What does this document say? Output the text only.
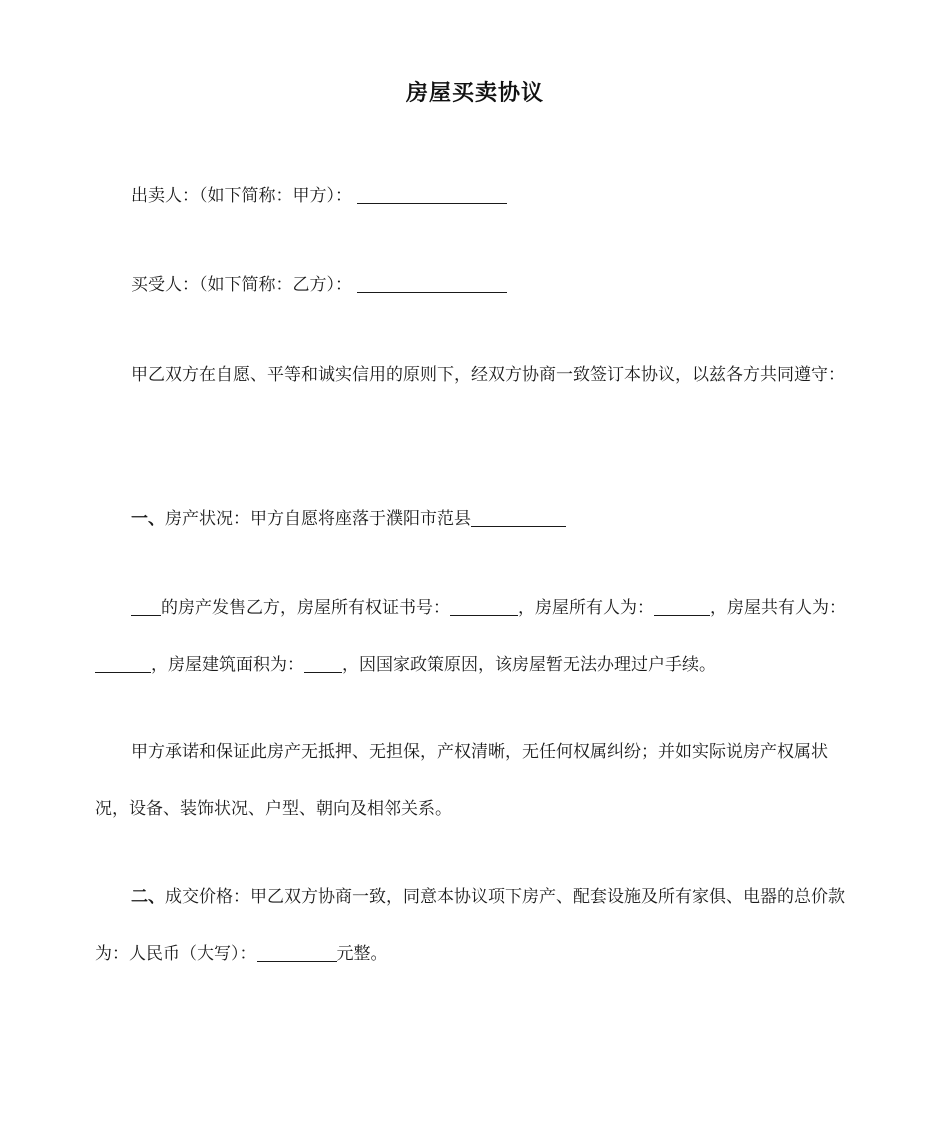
房屋买卖协议
出卖人：（如下简称：甲方）：
买受人：（如下简称：乙方）：
甲乙双方在自愿、平等和诚实信用的原则下，经双方协商一致签订本协议，以兹各方共同遵守：
一、房产状况：甲方自愿将座落于濮阳市范县
的房产发售乙方，房屋所有权证书号：	，房屋所有人为：	，房屋共有人为：，房屋建筑面积为： ，因国家政策原因，该房屋暂无法办理过户手续。
甲方承诺和保证此房产无抵押、无担保，产权清晰，无任何权属纠纷；并如实际说房产权属状况，设备、装饰状况、户型、朝向及相邻关系。
二、成交价格：甲乙双方协商一致，同意本协议项下房产、配套设施及所有家俱、电器的总价款为：人民币（大写）：	元整。
